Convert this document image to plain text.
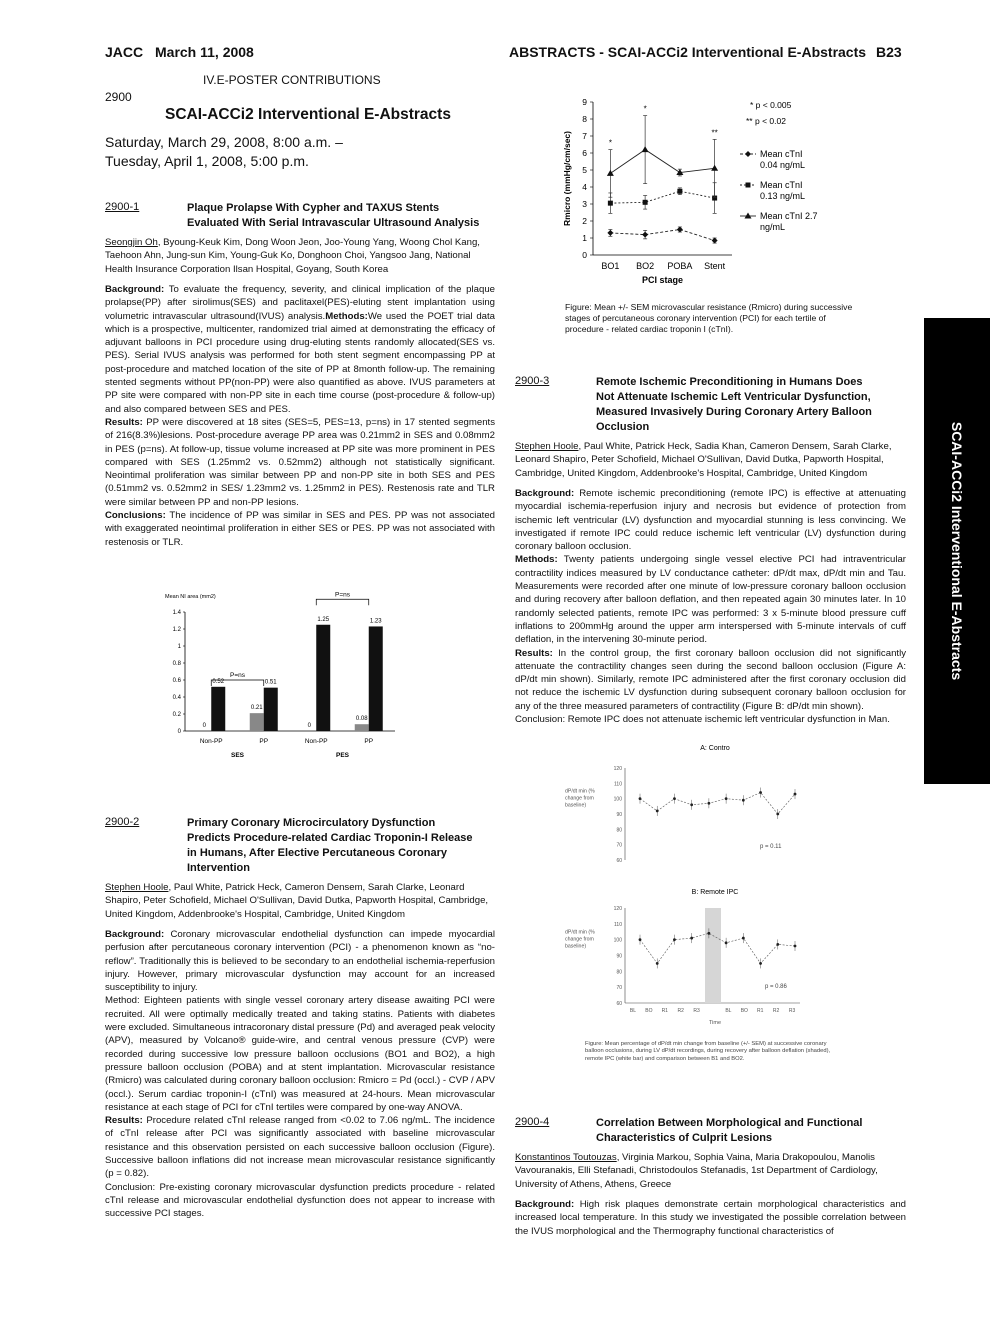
JACC March 11, 2008	ABSTRACTS - SCAI-ACCi2 Interventional E-Abstracts B23
IV.E-POSTER CONTRIBUTIONS
2900
SCAI-ACCi2 Interventional E-Abstracts
Saturday, March 29, 2008, 8:00 a.m. –
Tuesday, April 1, 2008, 5:00 p.m.
SCAI-ACCi2 Interventional E-Abstracts
2900-1	Plaque Prolapse With Cypher and TAXUS Stents
Evaluated With Serial Intravascular Ultrasound Analysis
Seongjin Oh, Byoung-Keuk Kim, Dong Woon Jeon, Joo-Young Yang, Woong Chol Kang, Taehoon Ahn, Jung-sun Kim, Young-Guk Ko, Donghoon Choi, Yangsoo Jang, National Health Insurance Corporation Ilsan Hospital, Goyang, South Korea

Background: To evaluate the frequency, severity, and clinical implication of the plaque prolapse(PP) after sirolimus(SES) and paclitaxel(PES)-eluting stent implantation using volumetric intravascular ultrasound(IVUS) analysis.Methods:We used the POET trial data which is a prospective, multicenter, randomized trial aimed at demonstrating the efficacy of adjuvant balloons in PCI procedure using drug-eluting stents randomly allocated(SES vs. PES). Serial IVUS analysis was performed for both stent segment encompassing PP at post-procedure and matched location of the site of PP at 8month follow-up. The remaining stented segments without PP(non-PP) were also quantified as above. IVUS parameters at PP site were compared with non-PP site in each time course (post-procedure & follow-up) and also compared between SES and PES.

Results: PP were discovered at 18 sites (SES=5, PES=13, p=ns) in 17 stented segments of 216(8.3%)lesions. Post-procedure average PP area was 0.21mm2 in SES and 0.08mm2 in PES (p=ns). At follow-up, tissue volume increased at PP site was more prominent in PES compared with SES (1.25mm2 vs. 0.52mm2) although not statistically significant. Neointimal proliferation was similar between PP and non-PP site in both SES and PES (0.51mm2 vs. 0.52mm2 in SES/ 1.23mm2 vs. 1.25mm2 in PES). Restenosis rate and TLR were similar between PP and non-PP lesions.

Conclusions: The incidence of PP was similar in SES and PES. PP was not associated with exaggerated neointimal proliferation in either SES or PES. PP was not associated with restenosis or TLR.

Mean NI area (mm2)
0
0.2
0.4
0.6
0.8
1
1.2
1.4
0
0.52
Non-PP
0.21
0.51
PP
0
1.25
Non-PP
0.08
1.23
PP
SES	PES
P=ns
P=ns
0
1
2
3
4
5
6
7
8
9
BO1 BO2 POBA Stent
PCI stage
Rmicro (mmHg/cm/sec)	*
*
**
Mean cTnI
0.04 ng/mL
Mean cTnI
0.13 ng/mL
Mean cTnI 2.7
ng/mL
* p < 0.005
** p < 0.02
Figure: Mean +/- SEM microvascular resistance (Rmicro) during successive stages of percutaneous coronary intervention (PCI) for each tertile of procedure - related cardiac troponin I (cTnI).
2900-2	Primary Coronary Microcirculatory Dysfunction
Predicts Procedure-related Cardiac Troponin-I Release
in Humans, After Elective Percutaneous Coronary
Intervention
Stephen Hoole, Paul White, Patrick Heck, Cameron Densem, Sarah Clarke, Leonard Shapiro, Peter Schofield, Michael O'Sullivan, David Dutka, Papworth Hospital, Cambridge, United Kingdom, Addenbrooke's Hospital, Cambridge, United Kingdom

Background: Coronary microvascular endothelial dysfunction can impede myocardial perfusion after percutaneous coronary intervention (PCI) - a phenomenon known as “no-reflow”. Traditionally this is believed to be secondary to an endothelial ischemia-reperfusion injury. However, primary microvascular dysfunction may account for an increased susceptibility to injury.

Method: Eighteen patients with single vessel coronary artery disease awaiting PCI were recruited. All were optimally medically treated and taking statins. Patients with diabetes were excluded. Simultaneous intracoronary distal pressure (Pd) and averaged peak velocity (APV), measured by Volcano® guide-wire, and central venous pressure (CVP) were recorded during successive low pressure balloon occlusions (BO1 and BO2), a high pressure balloon occlusion (POBA) and at stent implantation. Microvascular resistance (Rmicro) was calculated during coronary balloon occlusion: Rmicro = Pd (occl.) - CVP / APV (occl.). Serum cardiac troponin-I (cTnI) was measured at 24-hours. Mean microvascular resistance at each stage of PCI for cTnI tertiles were compared by one-way ANOVA.

Results: Procedure related cTnI release ranged from <0.02 to 7.06 ng/mL. The incidence of cTnI release after PCI was significantly associated with baseline microvascular resistance and this observation persisted on each successive balloon occlusion (Figure). Successive balloon inflations did not increase mean microvascular resistance significantly (p = 0.82).

Conclusion: Pre-existing coronary microvascular dysfunction predicts procedure - related cTnI release and microvascular endothelial dysfunction does not appear to increase with successive PCI stages.

2900-3	Remote Ischemic Preconditioning in Humans Does
Not Attenuate Ischemic Left Ventricular Dysfunction,
Measured Invasively During Coronary Artery Balloon
Occlusion
Stephen Hoole, Paul White, Patrick Heck, Sadia Khan, Cameron Densem, Sarah Clarke, Leonard Shapiro, Peter Schofield, Michael O'Sullivan, David Dutka, Papworth Hospital, Cambridge, United Kingdom, Addenbrooke's Hospital, Cambridge, United Kingdom

Background: Remote ischemic preconditioning (remote IPC) is effective at attenuating myocardial ischemia-reperfusion injury and necrosis but evidence of protection from ischemic left ventricular (LV) dysfunction and myocardial stunning is less convincing. We investigated if remote IPC could reduce ischemic left ventricular (LV) dysfunction during coronary balloon occlusion.

Methods: Twenty patients undergoing single vessel elective PCI had intraventricular contractility indices measured by LV conductance catheter: dP/dt max, dP/dt min and Tau. Measurements were recorded after one minute of low-pressure coronary balloon occlusion and during recovery after balloon deflation, and then repeated again 30 minutes later. In 10 randomly selected patients, remote IPC was performed: 3 x 5-minute blood pressure cuff inflations to 200mmHg around the upper arm interspersed with 5-minute intervals of cuff deflation, in the intervening 30-minute period.

Results: In the control group, the first coronary balloon occlusion did not significantly attenuate the contractility changes seen during the second balloon occlusion (Figure A: dP/dt min shown). Similarly, remote IPC administered after the first coronary occlusion did not reduce the ischemic LV dysfunction during subsequent coronary balloon occlusion for any of the three measured parameters of contractility (Figure B: dP/dt min shown).

Conclusion: Remote IPC does not attenuate ischemic left ventricular dysfunction in Man.

A: Contro
120
110
100
90
80
70
60
dP/dt min (%
change from
baseline)
p = 0.11
B: Remote IPC
120
110
100
90
80
70
60
dP/dt min (%
change from
baseline)
p = 0.86
BL BO R1 R2 R3	BL BO R1 R2 R3
Time
Figure: Mean percentage of dP/dt min change from baseline (+/- SEM) at successive coronary balloon occlusions, during LV dP/dt recordings, during recovery after balloon deflation (shaded), remote IPC (white bar) and comparison between B1 and BO2.
2900-4	Correlation Between Morphological and Functional
Characteristics of Culprit Lesions
Konstantinos Toutouzas, Virginia Markou, Sophia Vaina, Maria Drakopoulou, Manolis Vavouranakis, Elli Stefanadi, Christodoulos Stefanadis, 1st Department of Cardiology, University of Athens, Athens, Greece

Background: High risk plaques demonstrate certain morphological characteristics and increased local temperature. In this study we investigated the possible correlation between the IVUS morphological and the Thermography functional characteristics of
